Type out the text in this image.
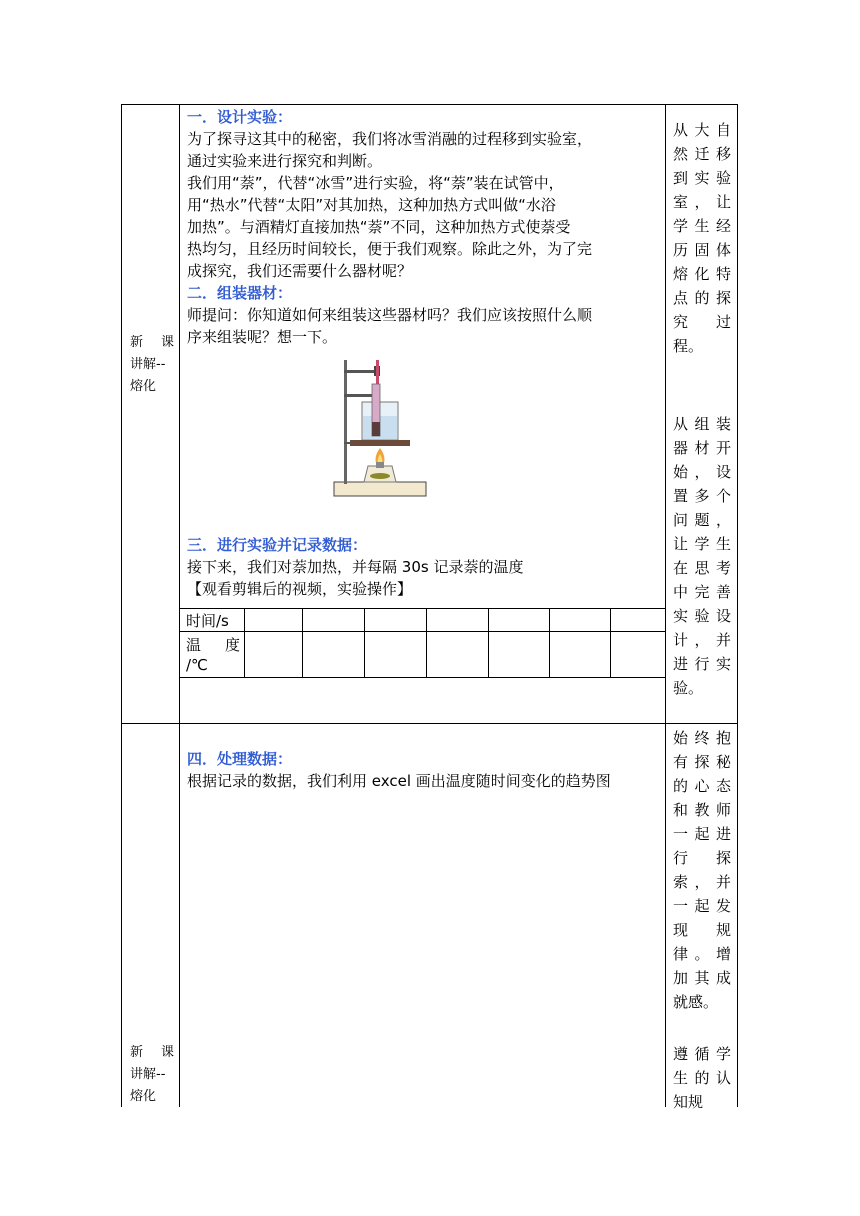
新 课
讲解--
熔化
一．设计实验：
为了探寻这其中的秘密，我们将冰雪消融的过程移到实验室，
通过实验来进行探究和判断。
我们用“萘”，代替“冰雪”进行实验，将“萘”装在试管中，
用“热水”代替“太阳”对其加热，这种加热方式叫做“水浴
加热”。与酒精灯直接加热“萘”不同，这种加热方式使萘受
热均匀，且经历时间较长，便于我们观察。除此之外，为了完
成探究，我们还需要什么器材呢？
二．组装器材：
师提问：你知道如何来组装这些器材吗？我们应该按照什么顺
序来组装呢？想一下。
三．进行实验并记录数据：
接下来，我们对萘加热，并每隔 30s 记录萘的温度
【观看剪辑后的视频，实验操作】
时间/s
温　度
/℃
从大自然迁移到实验室，让学生经历固体熔化特点的探究过程。
从组装器材开始，设置多个问题，让学生在思考中完善实验设计，并进行实验。
四．处理数据：
根据记录的数据，我们利用 excel 画出温度随时间变化的趋势图
新 课
讲解--
熔化
始终抱有探秘的心态和教师一起进行探索，并一起发现规律。增加其成就感。
遵循学生的认知规
